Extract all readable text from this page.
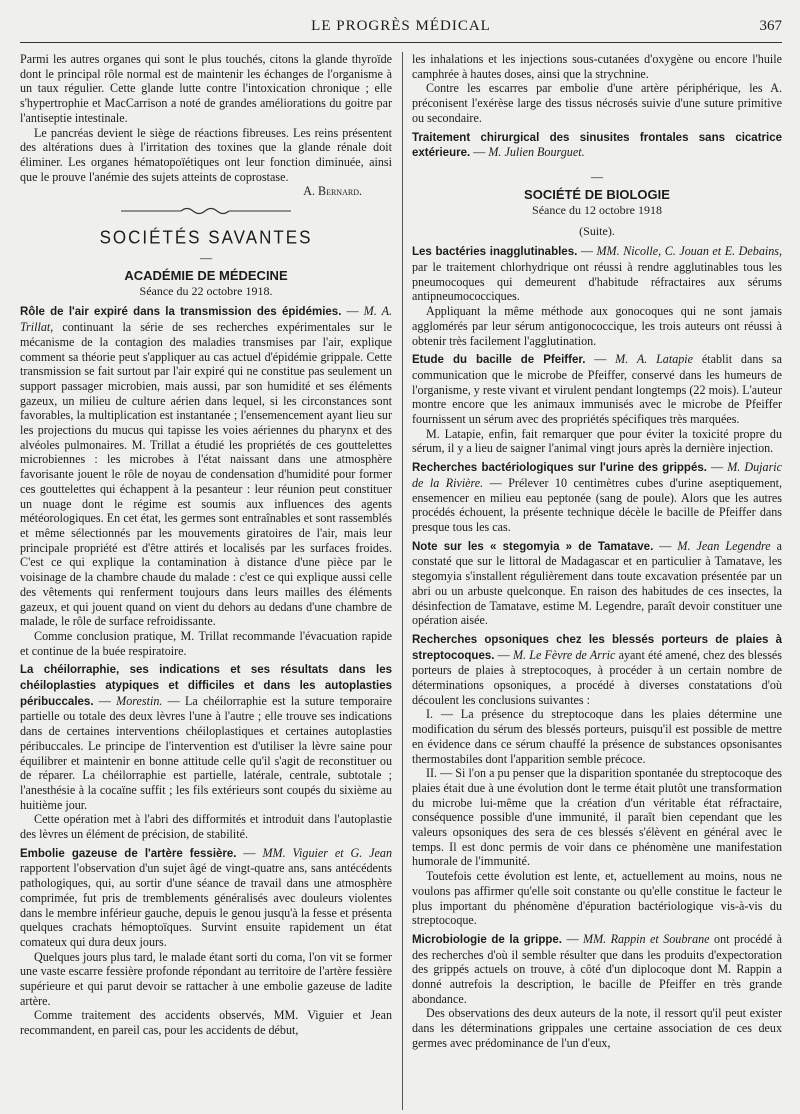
LE PROGRÈS MÉDICAL	367

Parmi les autres organes qui sont le plus touchés, citons la glande thyroïde dont le principal rôle normal est de maintenir les échanges de l'organisme à un taux régulier. Cette glande lutte contre l'intoxication chronique ; elle s'hypertrophie et MacCarrison a noté de grandes améliorations du goitre par l'antiseptie intestinale.

Le pancréas devient le siège de réactions fibreuses. Les reins présentent des altérations dues à l'irritation des toxines que la glande rénale doit éliminer. Les organes hématopoïétiques ont leur fonction diminuée, ainsi que le prouve l'anémie des sujets atteints de coprostase.

A. Bernard.

SOCIÉTÉS SAVANTES

—

ACADÉMIE DE MÉDECINE

Séance du 22 octobre 1918.

Rôle de l'air expiré dans la transmission des épidémies. — M. A. Trillat, continuant la série de ses recherches expérimentales sur le mécanisme de la contagion des maladies transmises par l'air, explique comment sa théorie peut s'appliquer au cas actuel d'épidémie grippale. Cette transmission se fait surtout par l'air expiré qui ne constitue pas seulement un support passager microbien, mais aussi, par son humidité et ses éléments gazeux, un milieu de culture aérien dans lequel, si les circonstances sont favorables, la multiplication est instantanée ; l'ensemencement ayant lieu sur les projections du mucus qui tapisse les voies aériennes du pharynx et des alvéoles pulmonaires. M. Trillat a étudié les propriétés de ces gouttelettes microbiennes : les microbes à l'état naissant dans une atmosphère favorisante jouent le rôle de noyau de condensation d'humidité pour former ces gouttelettes qui échappent à la pesanteur : leur réunion peut constituer un nuage dont le régime est soumis aux influences des agents météorologiques. En cet état, les germes sont entraînables et sont rassemblés et même sélectionnés par les mouvements giratoires de l'air, mais leur principale propriété est d'être attirés et localisés par les surfaces froides. C'est ce qui explique la contamination à distance d'une pièce par le voisinage de la chambre chaude du malade : c'est ce qui explique aussi celle des vêtements qui renferment toujours dans leurs mailles des éléments gazeux, et qui jouent quand on vient du dehors au dedans d'une chambre de malade, le rôle de surface refroidissante.

Comme conclusion pratique, M. Trillat recommande l'évacuation rapide et continue de la buée respiratoire.

La chéilorraphie, ses indications et ses résultats dans les chéiloplasties atypiques et difficiles et dans les autoplasties péribuccales. — Morestin. — La chéilorraphie est la suture temporaire partielle ou totale des deux lèvres l'une à l'autre ; elle trouve ses indications dans de certaines interventions chéiloplastiques et certaines autoplasties péribuccales. Le principe de l'intervention est d'utiliser la lèvre saine pour équilibrer et maintenir en bonne attitude celle qu'il s'agit de reconstituer ou de réparer. La chéilorraphie est partielle, latérale, centrale, subtotale ; l'anesthésie à la cocaïne suffit ; les fils extérieurs sont coupés du sixième au huitième jour.

Cette opération met à l'abri des difformités et introduit dans l'autoplastie des lèvres un élément de précision, de stabilité.

Embolie gazeuse de l'artère fessière. — MM. Viguier et G. Jean rapportent l'observation d'un sujet âgé de vingt-quatre ans, sans antécédents pathologiques, qui, au sortir d'une séance de travail dans une atmosphère comprimée, fut pris de tremblements généralisés avec douleurs violentes dans le membre inférieur gauche, depuis le genou jusqu'à la fesse et présenta quelques crachats hémoptoïques. Survint ensuite rapidement un état comateux qui dura deux jours.

Quelques jours plus tard, le malade étant sorti du coma, l'on vit se former une vaste escarre fessière profonde répondant au territoire de l'artère fessière supérieure et qui parut devoir se rattacher à une embolie gazeuse de ladite artère.

Comme traitement des accidents observés, MM. Viguier et Jean recommandent, en pareil cas, pour les accidents de début,

les inhalations et les injections sous-cutanées d'oxygène ou encore l'huile camphrée à hautes doses, ainsi que la strychnine.

Contre les escarres par embolie d'une artère périphérique, les A. préconisent l'exérèse large des tissus nécrosés suivie d'une suture primitive ou secondaire.

Traitement chirurgical des sinusites frontales sans cicatrice extérieure. — M. Julien Bourguet.

—

SOCIÉTÉ DE BIOLOGIE

Séance du 12 octobre 1918

(Suite).

Les bactéries inagglutinables. — MM. Nicolle, C. Jouan et E. Debains, par le traitement chlorhydrique ont réussi à rendre agglutinables tous les pneumocoques qui demeurent d'habitude réfractaires aux sérums antipneumococciques.

Appliquant la même méthode aux gonocoques qui ne sont jamais agglomérés par leur sérum antigonococcique, les trois auteurs ont réussi à obtenir très facilement l'agglutination.

Etude du bacille de Pfeiffer. — M. A. Latapie établit dans sa communication que le microbe de Pfeiffer, conservé dans les humeurs de l'organisme, y reste vivant et virulent pendant longtemps (22 mois). L'auteur montre encore que les animaux immunisés avec le microbe de Pfeiffer fournissent un sérum avec des propriétés spécifiques très marquées.

M. Latapie, enfin, fait remarquer que pour éviter la toxicité propre du sérum, il y a lieu de saigner l'animal vingt jours après la dernière injection.

Recherches bactériologiques sur l'urine des grippés. — M. Dujaric de la Rivière. — Prélever 10 centimètres cubes d'urine aseptiquement, ensemencer en milieu eau peptonée (sang de poule). Alors que les autres procédés échouent, la présente technique décèle le bacille de Pfeiffer dans presque tous les cas.

Note sur les « stegomyia » de Tamatave. — M. Jean Legendre a constaté que sur le littoral de Madagascar et en particulier à Tamatave, les stegomyia s'installent régulièrement dans toute excavation présentée par un abri ou un arbuste quelconque. En raison des habitudes de ces insectes, la désinfection de Tamatave, estime M. Legendre, paraît devoir constituer une opération aisée.

Recherches opsoniques chez les blessés porteurs de plaies à streptocoques. — M. Le Fèvre de Arric ayant été amené, chez des blessés porteurs de plaies à streptocoques, à procéder à un certain nombre de déterminations opsoniques, a procédé à diverses constatations d'où découlent les conclusions suivantes :

I. — La présence du streptocoque dans les plaies détermine une modification du sérum des blessés porteurs, puisqu'il est possible de mettre en évidence dans ce sérum chauffé la présence de substances opsonisantes thermostabiles dont l'apparition semble précoce.

II. — Si l'on a pu penser que la disparition spontanée du streptocoque des plaies était due à une évolution dont le terme était plutôt une transformation du microbe lui-même que la création d'un véritable état réfractaire, conséquence possible d'une immunité, il paraît bien cependant que les valeurs opsoniques des sera de ces blessés s'élèvent en général avec le temps. Il est donc permis de voir dans ce phénomène une manifestation humorale de l'immunité.

Toutefois cette évolution est lente, et, actuellement au moins, nous ne voulons pas affirmer qu'elle soit constante ou qu'elle constitue le facteur le plus important du phénomène d'épuration bactériologique vis-à-vis du streptocoque.

Microbiologie de la grippe. — MM. Rappin et Soubrane ont procédé à des recherches d'où il semble résulter que dans les produits d'expectoration des grippés actuels on trouve, à côté d'un diplocoque dont M. Rappin a donné autrefois la description, le bacille de Pfeiffer en très grande abondance.

Des observations des deux auteurs de la note, il ressort qu'il peut exister dans les déterminations grippales une certaine association de ces deux germes avec prédominance de l'un d'eux,
